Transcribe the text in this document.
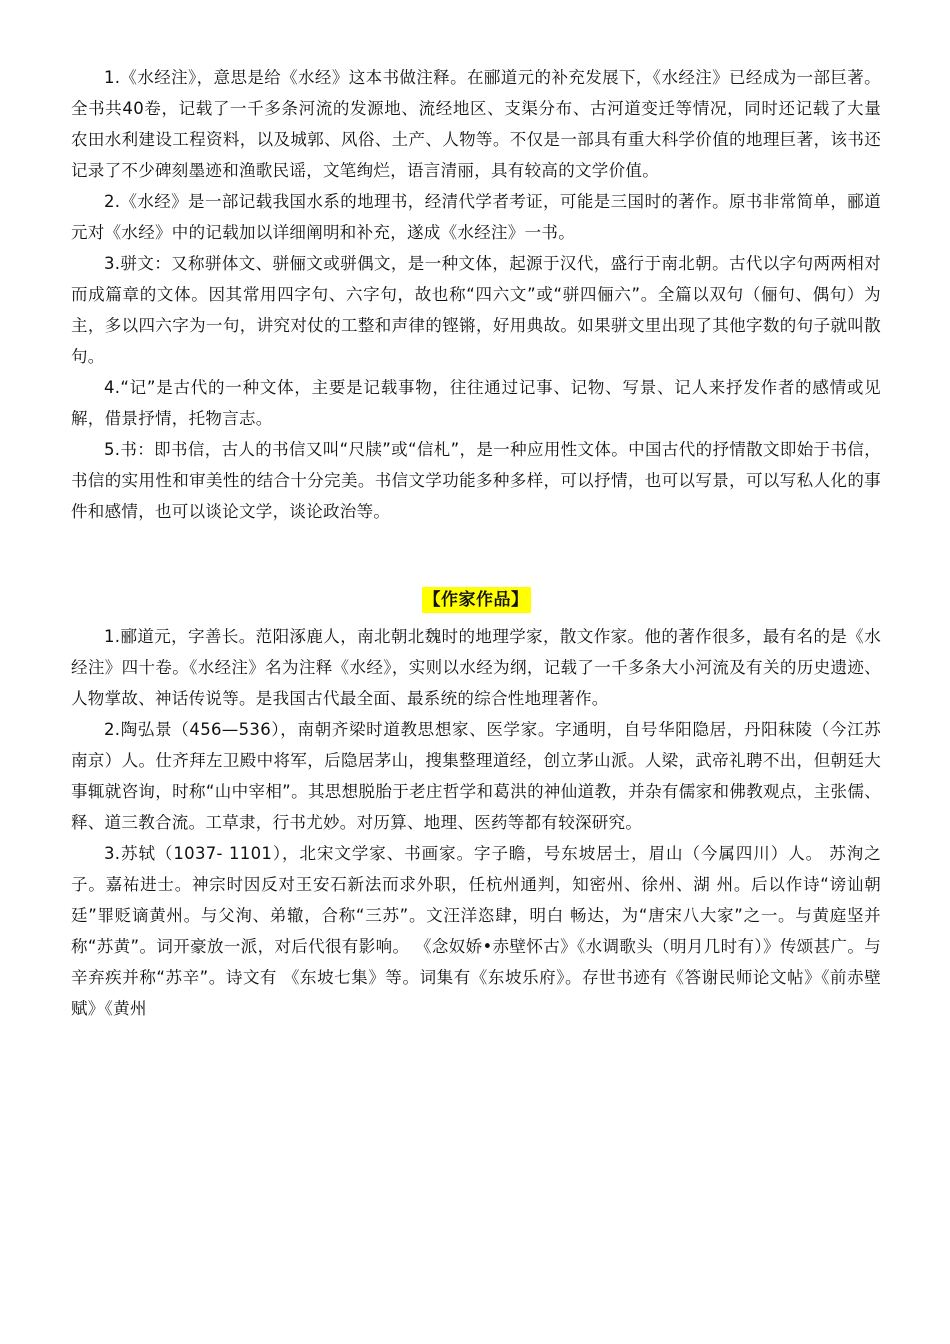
1.《水经注》，意思是给《水经》这本书做注释。在郦道元的补充发展下，《水经注》已经成为一部巨著。全书共40卷，记载了一千多条河流的发源地、流经地区、支渠分布、古河道变迁等情况，同时还记载了大量农田水利建设工程资料，以及城郭、风俗、土产、人物等。不仅是一部具有重大科学价值的地理巨著，该书还记录了不少碑刻墨迹和渔歌民谣，文笔绚烂，语言清丽，具有较高的文学价值。

2.《水经》是一部记载我国水系的地理书，经清代学者考证，可能是三国时的著作。原书非常简单，郦道元对《水经》中的记载加以详细阐明和补充，遂成《水经注》一书。

3.骈文：又称骈体文、骈俪文或骈偶文，是一种文体，起源于汉代，盛行于南北朝。古代以字句两两相对而成篇章的文体。因其常用四字句、六字句，故也称“四六文”或“骈四俪六”。全篇以双句（俪句、偶句）为主，多以四六字为一句，讲究对仗的工整和声律的铿锵，好用典故。如果骈文里出现了其他字数的句子就叫散句。

4.“记”是古代的一种文体，主要是记载事物，往往通过记事、记物、写景、记人来抒发作者的感情或见解，借景抒情，托物言志。

5.书：即书信，古人的书信又叫“尺牍”或“信札”，是一种应用性文体。中国古代的抒情散文即始于书信，书信的实用性和审美性的结合十分完美。书信文学功能多种多样，可以抒情，也可以写景，可以写私人化的事件和感情，也可以谈论文学，谈论政治等。

【作家作品】

1.郦道元，字善长。范阳涿鹿人，南北朝北魏时的地理学家，散文作家。他的著作很多，最有名的是《水经注》四十卷。《水经注》名为注释《水经》，实则以水经为纲，记载了一千多条大小河流及有关的历史遗迹、人物掌故、神话传说等。是我国古代最全面、最系统的综合性地理著作。

2.陶弘景（456—536），南朝齐梁时道教思想家、医学家。字通明，自号华阳隐居，丹阳秣陵（今江苏南京）人。仕齐拜左卫殿中将军，后隐居茅山，搜集整理道经，创立茅山派。人梁，武帝礼聘不出，但朝廷大事辄就咨询，时称“山中宰相”。其思想脱胎于老庄哲学和葛洪的神仙道教，并杂有儒家和佛教观点，主张儒、释、道三教合流。工草隶，行书尤妙。对历算、地理、医药等都有较深研究。

3.苏轼（1037- 1101），北宋文学家、书画家。字子瞻，号东坡居士，眉山（今属四川）人。 苏洵之子。嘉祐进士。神宗时因反对王安石新法而求外职，任杭州通判，知密州、徐州、湖 州。后以作诗“谤讪朝廷”罪贬谪黄州。与父洵、弟辙，合称“三苏”。文汪洋恣肆，明白 畅达，为“唐宋八大家”之一。与黄庭坚并称“苏黄”。词开豪放一派，对后代很有影响。 《念奴娇•赤壁怀古》《水调歌头（明月几时有）》传颂甚广。与辛弃疾并称“苏辛”。诗文有 《东坡七集》等。词集有《东坡乐府》。存世书迹有《答谢民师论文帖》《前赤壁赋》《黄州
